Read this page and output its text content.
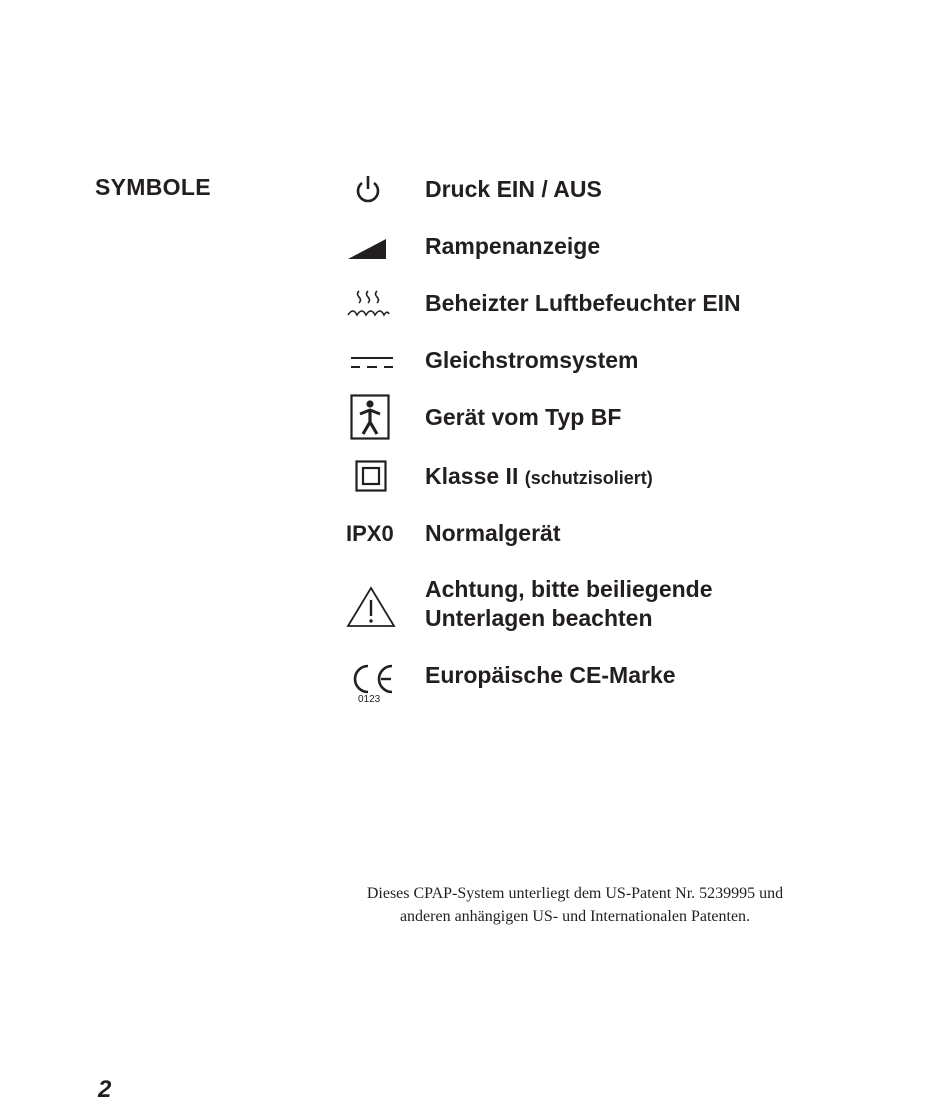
SYMBOLE	Druck EIN / AUS
Rampenanzeige
Beheizter Luftbefeuchter EIN
Gleichstromsystem
Gerät vom Typ BF
Klasse II (schutzisoliert)
IPX0 Normalgerät
Achtung, bitte beiliegende
Unterlagen beachten
0123
Europäische CE-Marke
Dieses CPAP-System unterliegt dem US-Patent Nr. 5239995 und
anderen anhängigen US- und Internationalen Patenten.
2
